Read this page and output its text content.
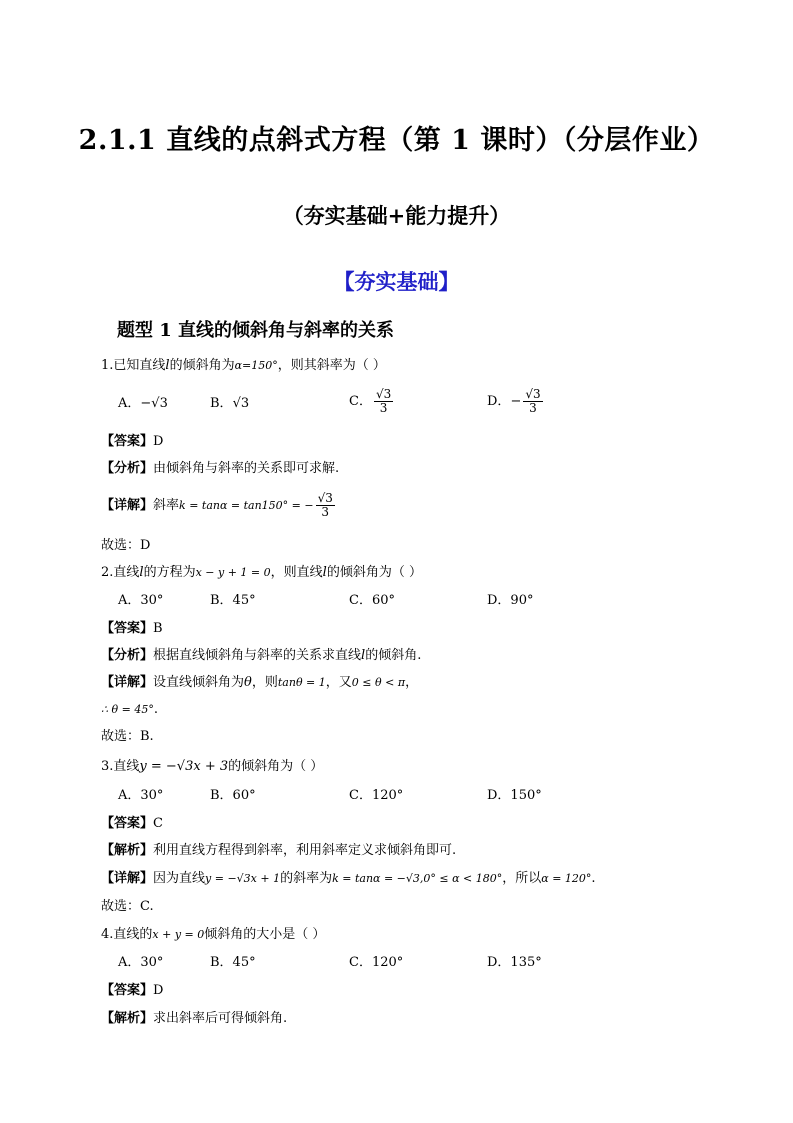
2.1.1 直线的点斜式方程（第 1 课时）（分层作业）
（夯实基础+能力提升）
【夯实基础】
题型 1 直线的倾斜角与斜率的关系
1.已知直线l的倾斜角为α=150°，则其斜率为（ ）
A．−√3	B．√3	C． $\frac{√3}{3}$	D．− $\frac{√3}{3}$
【答案】D
【分析】由倾斜角与斜率的关系即可求解.
【详解】斜率k = tanα = tan150° = − $\frac{√3}{3}$
故选：D
2.直线l的方程为x − y + 1 = 0，则直线l的倾斜角为（ ）
A．30°	B．45°	C．60°	D．90°
【答案】B
【分析】根据直线倾斜角与斜率的关系求直线l的倾斜角.
【详解】设直线倾斜角为θ，则tanθ = 1，又0 ≤ θ < π，
∴ θ = 45°.
故选：B.
3.直线y = −√3x + 3的倾斜角为（ ）
A．30°	B．60°	C．120°	D．150°
【答案】C
【解析】利用直线方程得到斜率，利用斜率定义求倾斜角即可.
【详解】因为直线y = −√3x + 1的斜率为k = tanα = −√3,0° ≤ α < 180°，所以α = 120°.
故选：C.
4.直线的x + y = 0倾斜角的大小是（ ）
A．30°	B．45°	C．120°	D．135°
【答案】D
【解析】求出斜率后可得倾斜角.
